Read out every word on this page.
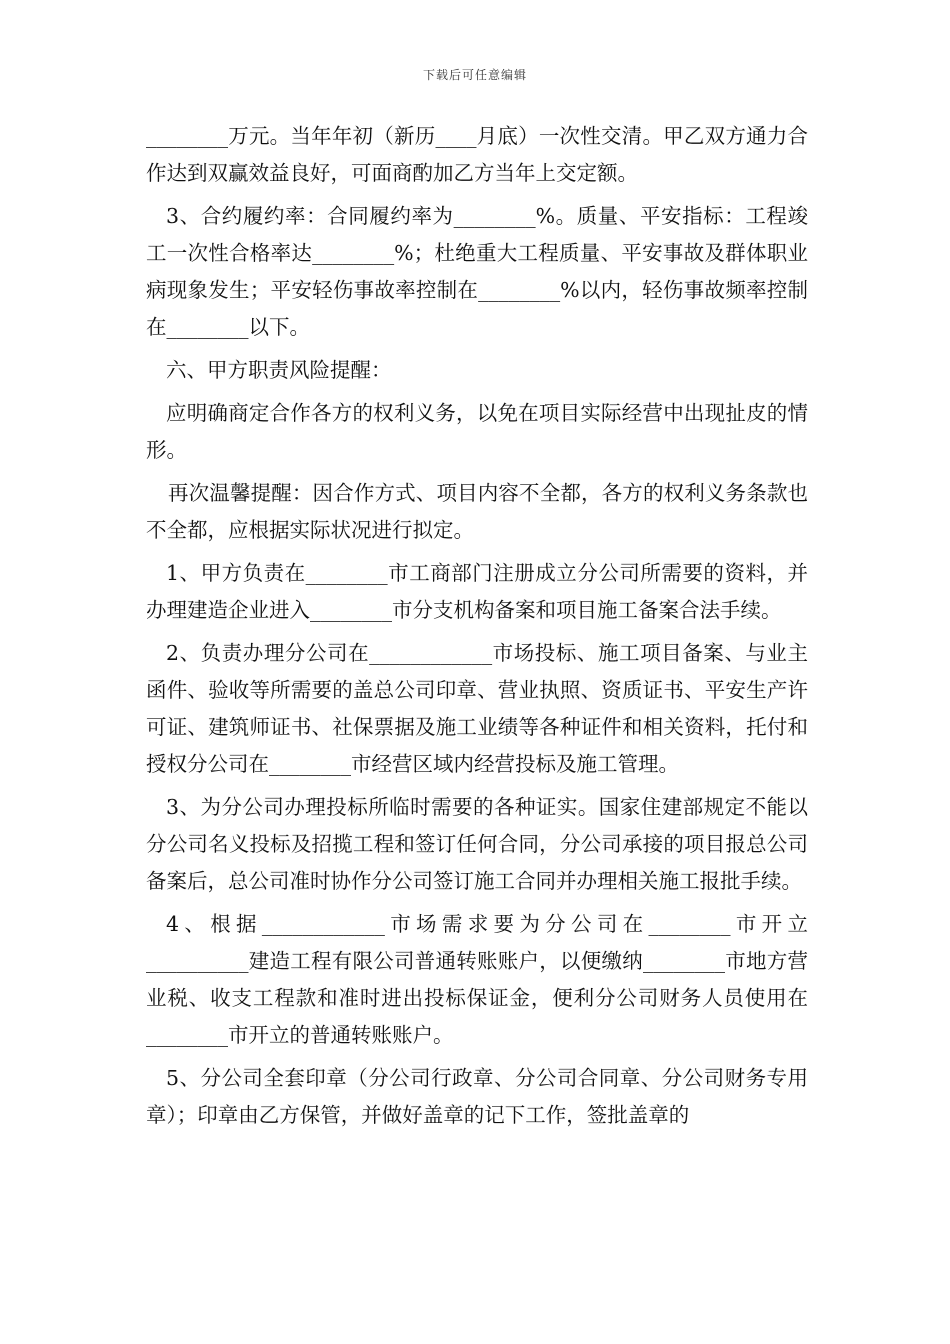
下载后可任意编辑

________万元。当年年初（新历____月底）一次性交清。甲乙双方通力合作达到双赢效益良好，可面商酌加乙方当年上交定额。

3、合约履约率：合同履约率为________%。质量、平安指标：工程竣工一次性合格率达________%；杜绝重大工程质量、平安事故及群体职业病现象发生；平安轻伤事故率控制在________%以内，轻伤事故频率控制在________以下。

六、甲方职责风险提醒：

应明确商定合作各方的权利义务，以免在项目实际经营中出现扯皮的情形。

再次温馨提醒：因合作方式、项目内容不全都，各方的权利义务条款也不全都，应根据实际状况进行拟定。

1、甲方负责在________市工商部门注册成立分公司所需要的资料，并办理建造企业进入________市分支机构备案和项目施工备案合法手续。

2、负责办理分公司在____________市场投标、施工项目备案、与业主函件、验收等所需要的盖总公司印章、营业执照、资质证书、平安生产许可证、建筑师证书、社保票据及施工业绩等各种证件和相关资料，托付和授权分公司在________市经营区域内经营投标及施工管理。

3、为分公司办理投标所临时需要的各种证实。国家住建部规定不能以分公司名义投标及招揽工程和签订任何合同，分公司承接的项目报总公司备案后，总公司准时协作分公司签订施工合同并办理相关施工报批手续。

4、根据____________市场需求要为分公司在________市开立__________建造工程有限公司普通转账账户，以便缴纳________市地方营业税、收支工程款和准时进出投标保证金，便利分公司财务人员使用在________市开立的普通转账账户。

5、分公司全套印章（分公司行政章、分公司合同章、分公司财务专用章）；印章由乙方保管，并做好盖章的记下工作，签批盖章的
